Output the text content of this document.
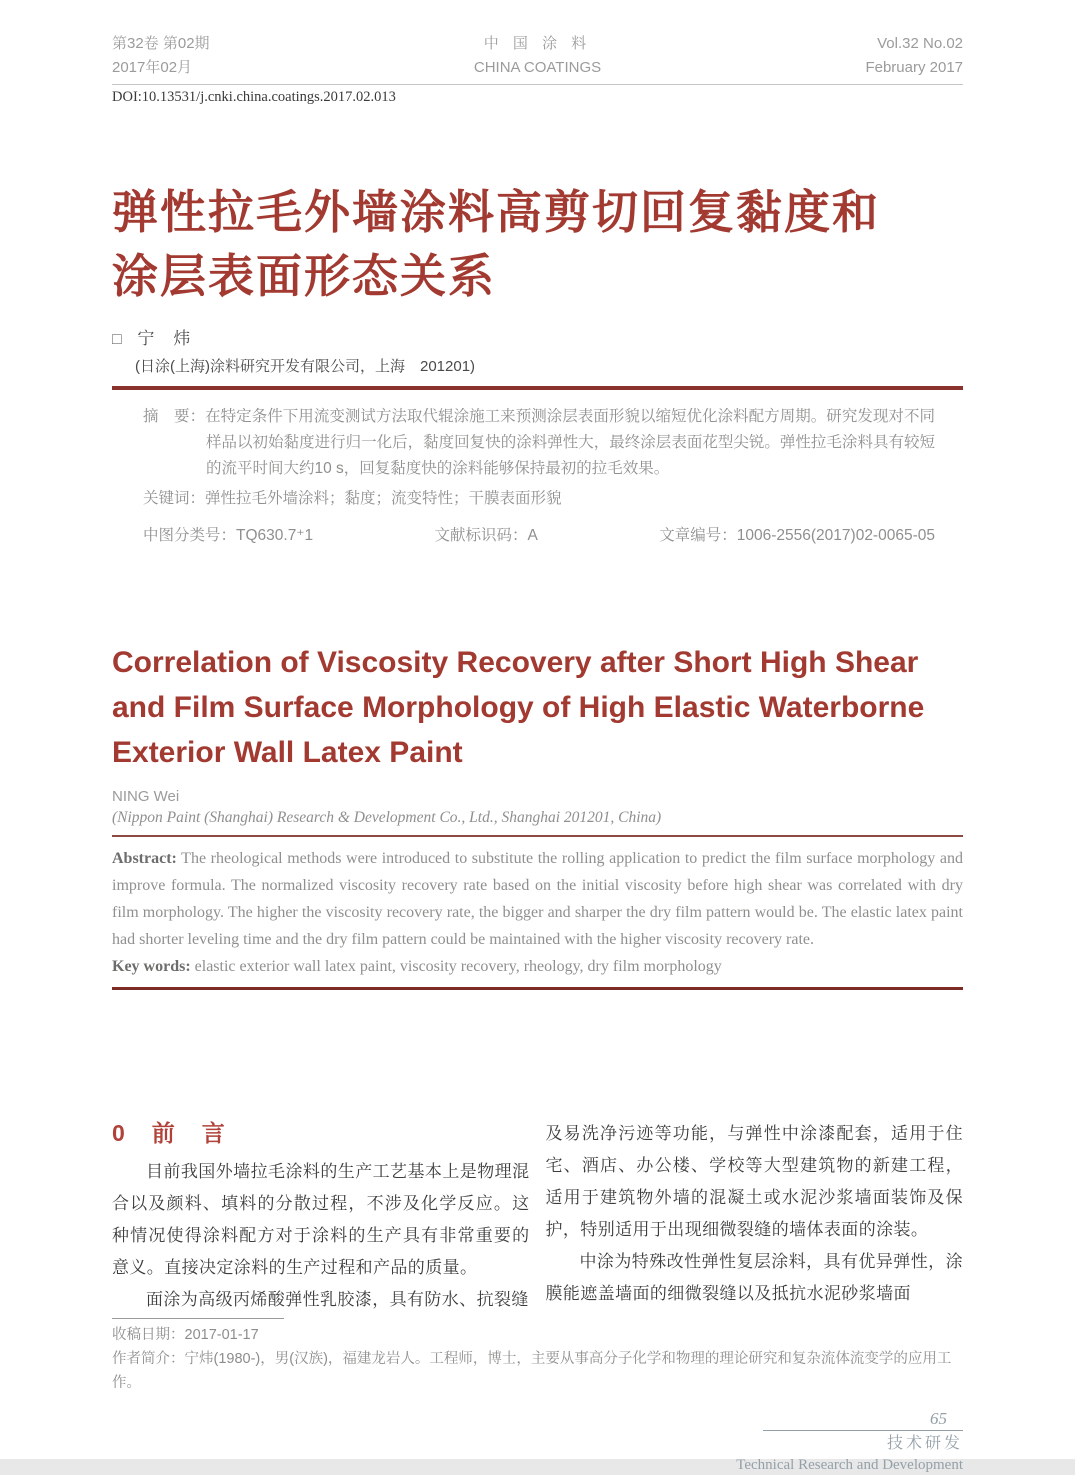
第32卷 第02期
2017年02月
中 国 涂 料
CHINA COATINGS
Vol.32 No.02
February 2017
DOI:10.13531/j.cnki.china.coatings.2017.02.013
弹性拉毛外墙涂料高剪切回复黏度和
涂层表面形态关系
□ 宁　炜
(日涂(上海)涂料研究开发有限公司，上海　201201)

摘　要：在特定条件下用流变测试方法取代辊涂施工来预测涂层表面形貌以缩短优化涂料配方周期。研究发现对不同样品以初始黏度进行归一化后，黏度回复快的涂料弹性大，最终涂层表面花型尖锐。弹性拉毛涂料具有较短的流平时间大约10 s，回复黏度快的涂料能够保持最初的拉毛效果。

关键词：弹性拉毛外墙涂料；黏度；流变特性；干膜表面形貌

中图分类号：TQ630.7⁺1	文献标识码：A	文章编号：1006-2556(2017)02-0065-05
Correlation of Viscosity Recovery after Short High Shear
and Film Surface Morphology of High Elastic Waterborne
Exterior Wall Latex Paint
NING Wei
(Nippon Paint (Shanghai) Research & Development Co., Ltd., Shanghai 201201, China)

Abstract: The rheological methods were introduced to substitute the rolling application to predict the film surface morphology and improve formula. The normalized viscosity recovery rate based on the initial viscosity before high shear was correlated with dry film morphology. The higher the viscosity recovery rate, the bigger and sharper the dry film pattern would be. The elastic latex paint had shorter leveling time and the dry film pattern could be maintained with the higher viscosity recovery rate.

Key words: elastic exterior wall latex paint, viscosity recovery, rheology, dry film morphology

0　前　言

目前我国外墙拉毛涂料的生产工艺基本上是物理混合以及颜料、填料的分散过程，不涉及化学反应。这种情况使得涂料配方对于涂料的生产具有非常重要的意义。直接决定涂料的生产过程和产品的质量。

面涂为高级丙烯酸弹性乳胶漆，具有防水、抗裂缝

及易洗净污迹等功能，与弹性中涂漆配套，适用于住宅、酒店、办公楼、学校等大型建筑物的新建工程，适用于建筑物外墙的混凝土或水泥沙浆墙面装饰及保护，特别适用于出现细微裂缝的墙体表面的涂装。

中涂为特殊改性弹性复层涂料，具有优异弹性，涂膜能遮盖墙面的细微裂缝以及抵抗水泥砂浆墙面

收稿日期：2017-01-17
作者简介：宁炜(1980-)，男(汉族)，福建龙岩人。工程师，博士，主要从事高分子化学和物理的理论研究和复杂流体流变学的应用工作。
65
技术研发
Technical Research and Development
